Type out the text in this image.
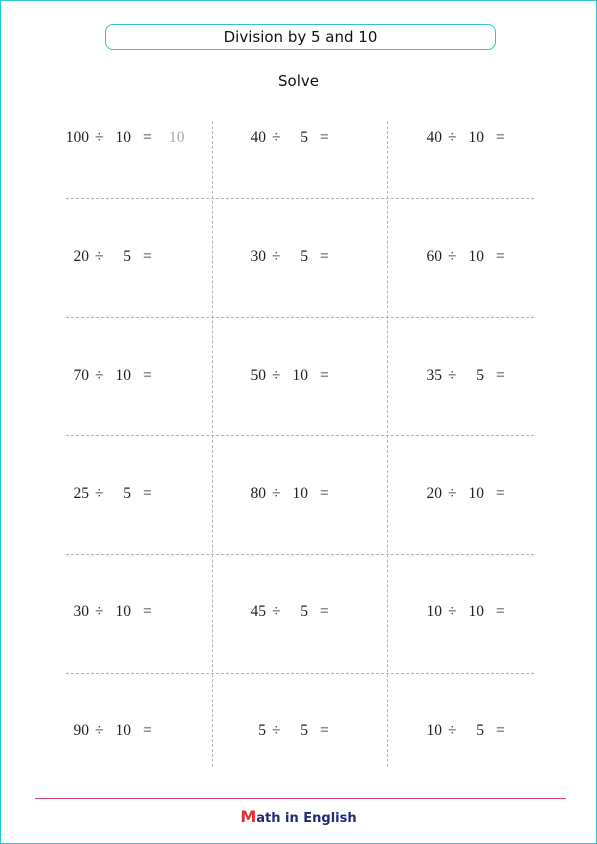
Division by 5 and 10
Solve
100 ÷ 10 = 10	40 ÷	5 =	40 ÷ 10 =
20 ÷	5 =	30 ÷	5 =	60 ÷ 10 =
70 ÷ 10 =	50 ÷ 10 =	35 ÷	5 =
25 ÷	5 =	80 ÷ 10 =	20 ÷ 10 =
30 ÷ 10 =	45 ÷	5 =	10 ÷ 10 =
90 ÷ 10 =	5 ÷	5 =	10 ÷	5 =
Math in English
